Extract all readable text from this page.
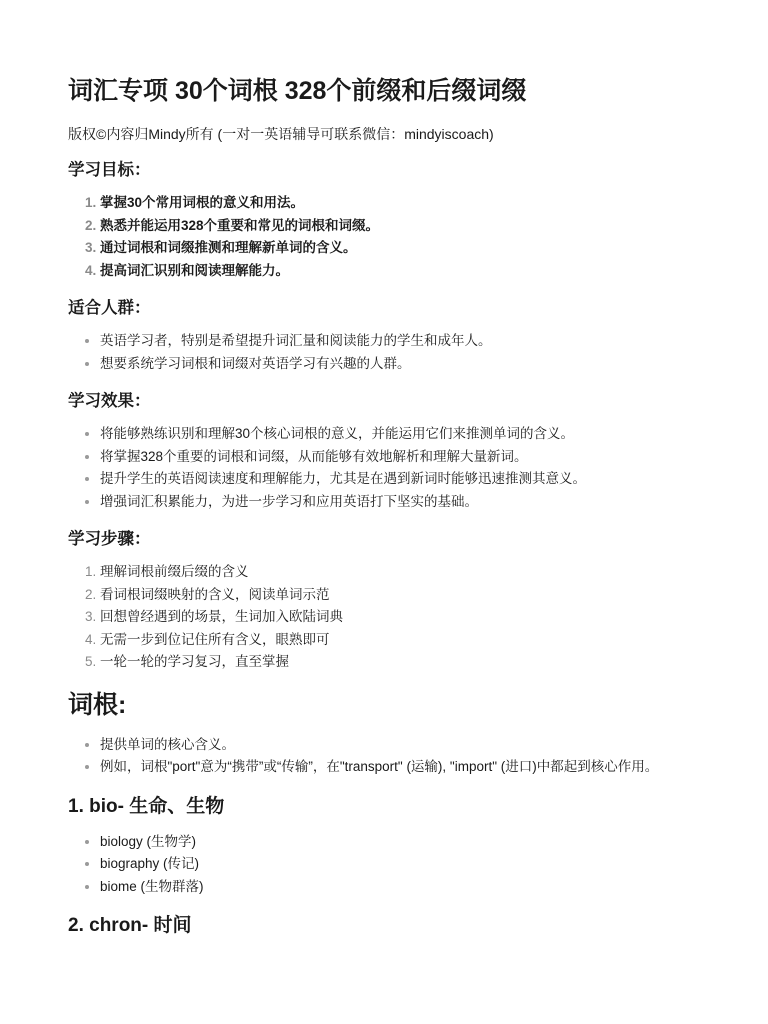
词汇专项 30个词根 328个前缀和后缀词缀

版权©内容归Mindy所有 (一对一英语辅导可联系微信：mindyiscoach)

学习目标：
1. 掌握30个常用词根的意义和用法。
2. 熟悉并能运用328个重要和常见的词根和词缀。
3. 通过词根和词缀推测和理解新单词的含义。
4. 提高词汇识别和阅读理解能力。
适合人群：
• 英语学习者，特别是希望提升词汇量和阅读能力的学生和成年人。
• 想要系统学习词根和词缀对英语学习有兴趣的人群。
学习效果：
• 将能够熟练识别和理解30个核心词根的意义，并能运用它们来推测单词的含义。
• 将掌握328个重要的词根和词缀，从而能够有效地解析和理解大量新词。
• 提升学生的英语阅读速度和理解能力，尤其是在遇到新词时能够迅速推测其意义。
• 增强词汇积累能力，为进一步学习和应用英语打下坚实的基础。
学习步骤：
1. 理解词根前缀后缀的含义
2. 看词根词缀映射的含义，阅读单词示范
3. 回想曾经遇到的场景，生词加入欧陆词典
4. 无需一步到位记住所有含义，眼熟即可
5. 一轮一轮的学习复习，直至掌握
词根:
• 提供单词的核心含义。
• 例如，词根"port"意为“携带”或“传输”，在"transport" (运输), "import" (进口)中都起到核心作用。
1. bio- 生命、生物
• biology (生物学)
• biography (传记)
• biome (生物群落)
2. chron- 时间
